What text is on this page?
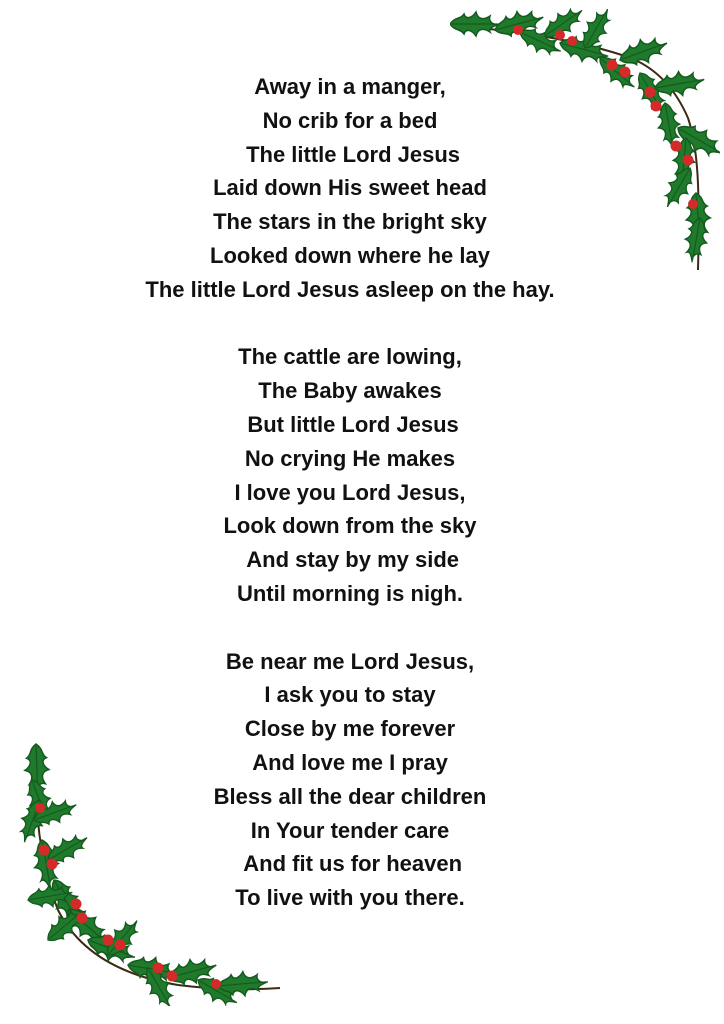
Away in a manger,
No crib for a bed
The little Lord Jesus
Laid down His sweet head
The stars in the bright sky
Looked down where he lay
The little Lord Jesus asleep on the hay.
The cattle are lowing,
The Baby awakes
But little Lord Jesus
No crying He makes
I love you Lord Jesus,
Look down from the sky
And stay by my side
Until morning is nigh.
Be near me Lord Jesus,
I ask you to stay
Close by me forever
And love me I pray
Bless all the dear children
In Your tender care
And fit us for heaven
To live with you there.
